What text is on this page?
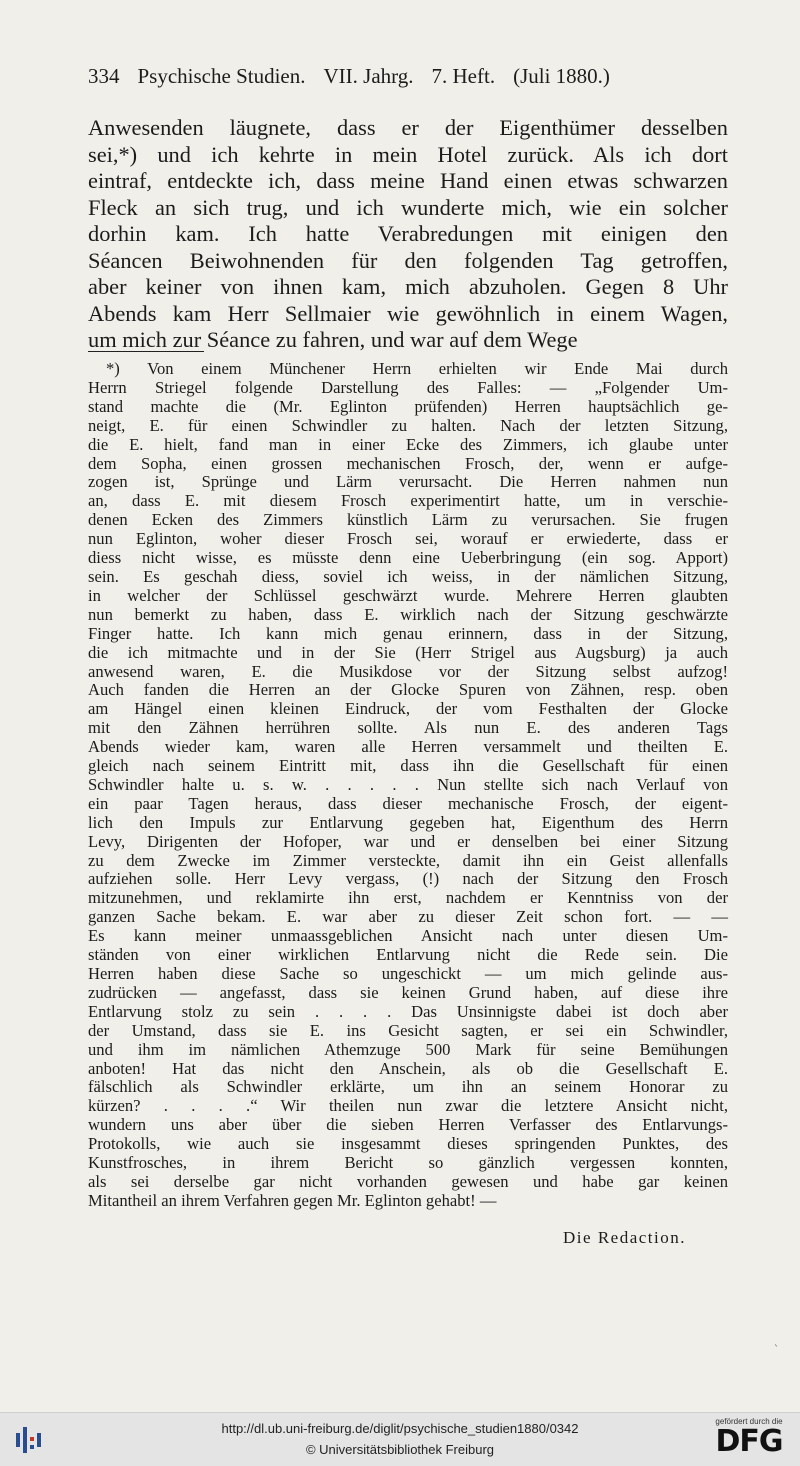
334 Psychische Studien. VII. Jahrg. 7. Heft. (Juli 1880.)
Anwesenden läugnete, dass er der Eigenthümer desselben
sei,*) und ich kehrte in mein Hotel zurück. Als ich dort
eintraf, entdeckte ich, dass meine Hand einen etwas schwarzen
Fleck an sich trug, und ich wunderte mich, wie ein solcher
dorhin kam. Ich hatte Verabredungen mit einigen den
Séancen Beiwohnenden für den folgenden Tag getroffen,
aber keiner von ihnen kam, mich abzuholen. Gegen 8 Uhr
Abends kam Herr Sellmaier wie gewöhnlich in einem Wagen,
um mich zur Séance zu fahren, und war auf dem Wege
*) Von einem Münchener Herrn erhielten wir Ende Mai durch
Herrn Striegel folgende Darstellung des Falles: — „Folgender Um-
stand machte die (Mr. Eglinton prüfenden) Herren hauptsächlich ge-
neigt, E. für einen Schwindler zu halten. Nach der letzten Sitzung,
die E. hielt, fand man in einer Ecke des Zimmers, ich glaube unter
dem Sopha, einen grossen mechanischen Frosch, der, wenn er aufge-
zogen ist, Sprünge und Lärm verursacht. Die Herren nahmen nun
an, dass E. mit diesem Frosch experimentirt hatte, um in verschie-
denen Ecken des Zimmers künstlich Lärm zu verursachen. Sie frugen
nun Eglinton, woher dieser Frosch sei, worauf er erwiederte, dass er
diess nicht wisse, es müsste denn eine Ueberbringung (ein sog. Apport)
sein. Es geschah diess, soviel ich weiss, in der nämlichen Sitzung,
in welcher der Schlüssel geschwärzt wurde. Mehrere Herren glaubten
nun bemerkt zu haben, dass E. wirklich nach der Sitzung geschwärzte
Finger hatte. Ich kann mich genau erinnern, dass in der Sitzung,
die ich mitmachte und in der Sie (Herr Strigel aus Augsburg) ja auch
anwesend waren, E. die Musikdose vor der Sitzung selbst aufzog!
Auch fanden die Herren an der Glocke Spuren von Zähnen, resp. oben
am Hängel einen kleinen Eindruck, der vom Festhalten der Glocke
mit den Zähnen herrühren sollte. Als nun E. des anderen Tags
Abends wieder kam, waren alle Herren versammelt und theilten E.
gleich nach seinem Eintritt mit, dass ihn die Gesellschaft für einen
Schwindler halte u. s. w. . . . . . Nun stellte sich nach Verlauf von
ein paar Tagen heraus, dass dieser mechanische Frosch, der eigent-
lich den Impuls zur Entlarvung gegeben hat, Eigenthum des Herrn
Levy, Dirigenten der Hofoper, war und er denselben bei einer Sitzung
zu dem Zwecke im Zimmer versteckte, damit ihn ein Geist allenfalls
aufziehen solle. Herr Levy vergass, (!) nach der Sitzung den Frosch
mitzunehmen, und reklamirte ihn erst, nachdem er Kenntniss von der
ganzen Sache bekam. E. war aber zu dieser Zeit schon fort. — —
Es kann meiner unmaassgeblichen Ansicht nach unter diesen Um-
ständen von einer wirklichen Entlarvung nicht die Rede sein. Die
Herren haben diese Sache so ungeschickt — um mich gelinde aus-
zudrücken — angefasst, dass sie keinen Grund haben, auf diese ihre
Entlarvung stolz zu sein . . . . Das Unsinnigste dabei ist doch aber
der Umstand, dass sie E. ins Gesicht sagten, er sei ein Schwindler,
und ihm im nämlichen Athemzuge 500 Mark für seine Bemühungen
anboten! Hat das nicht den Anschein, als ob die Gesellschaft E.
fälschlich als Schwindler erklärte, um ihn an seinem Honorar zu
kürzen? . . . .“ Wir theilen nun zwar die letztere Ansicht nicht,
wundern uns aber über die sieben Herren Verfasser des Entlarvungs-
Protokolls, wie auch sie insgesammt dieses springenden Punktes, des
Kunstfrosches, in ihrem Bericht so gänzlich vergessen konnten,
als sei derselbe gar nicht vorhanden gewesen und habe gar keinen
Mitantheil an ihrem Verfahren gegen Mr. Eglinton gehabt! —
Die Redaction.
`
http://dl.ub.uni-freiburg.de/diglit/psychische_studien1880/0342
© Universitätsbibliothek Freiburg
gefördert durch die
DFG
